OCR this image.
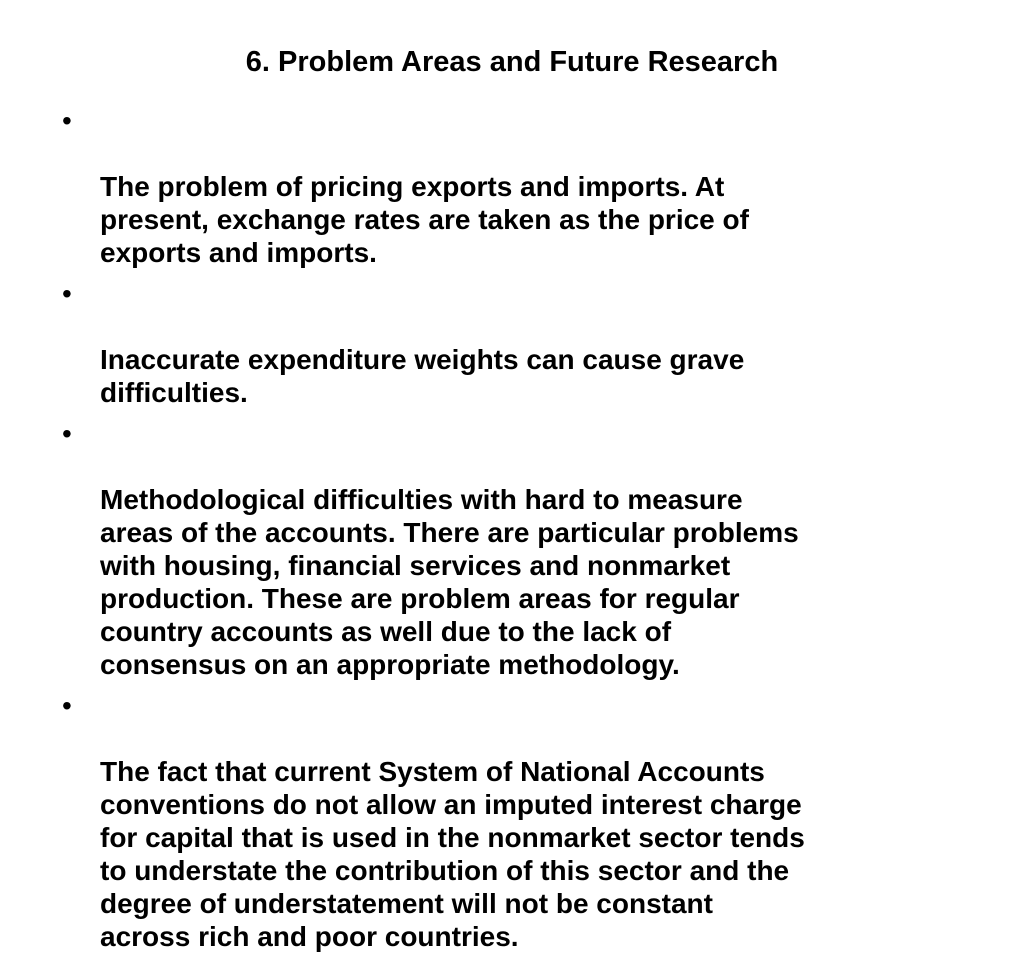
6. Problem Areas and Future Research

•

The problem of pricing exports and imports. At
present, exchange rates are taken as the price of
exports and imports.

•

Inaccurate expenditure weights can cause grave
difficulties.

•

Methodological difficulties with hard to measure
areas of the accounts. There are particular problems
with housing, financial services and nonmarket
production. These are problem areas for regular
country accounts as well due to the lack of
consensus on an appropriate methodology.

•

The fact that current System of National Accounts
conventions do not allow an imputed interest charge
for capital that is used in the nonmarket sector tends
to understate the contribution of this sector and the
degree of understatement will not be constant
across rich and poor countries.
